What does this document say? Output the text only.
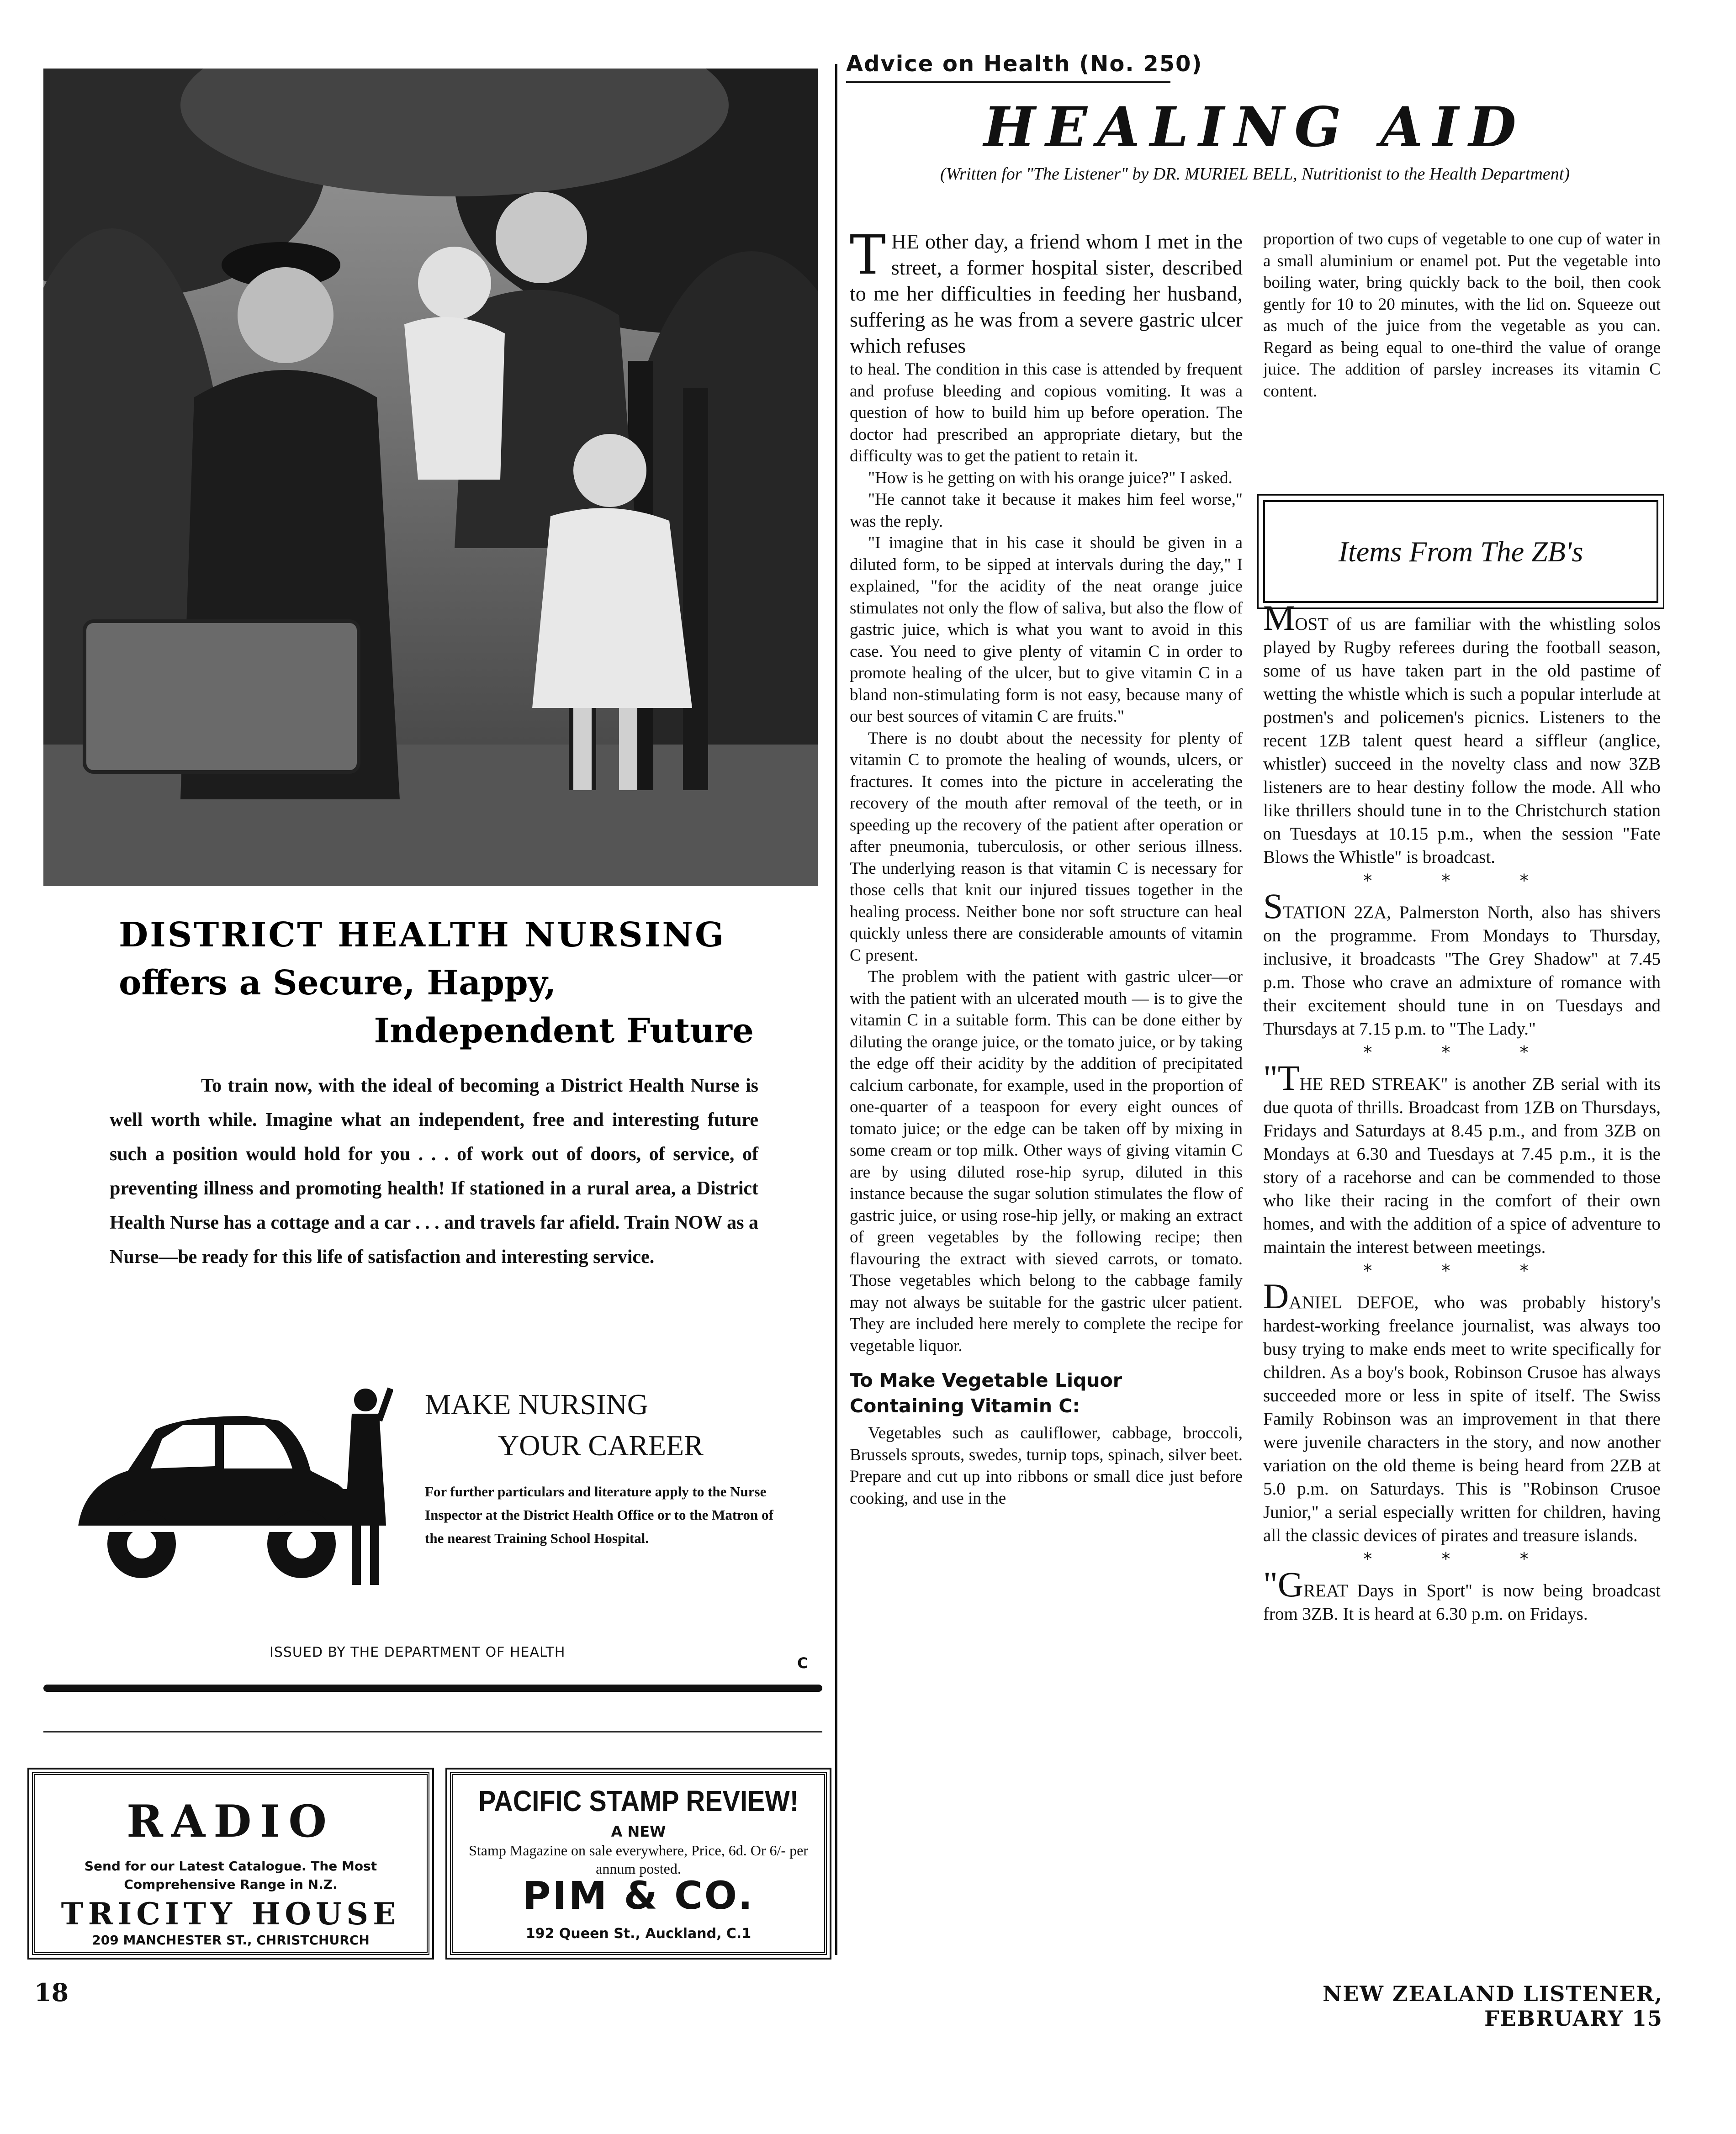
DISTRICT HEALTH NURSING
offers a Secure, Happy,
Independent Future
To train now, with the ideal of becoming a District Health Nurse is well worth while. Imagine what an independent, free and interesting future such a position would hold for you . . . of work out of doors, of service, of preventing illness and promoting health! If stationed in a rural area, a District Health Nurse has a cottage and a car . . . and travels far afield. Train NOW as a Nurse—be ready for this life of satisfaction and interesting service.
MAKE NURSING
YOUR CAREER
For further particulars and literature apply to the Nurse Inspector at the District Health Office or to the Matron of the nearest Training School Hospital.
ISSUED BY THE DEPARTMENT OF HEALTH
C
RADIO
Send for our Latest Catalogue. The Most Comprehensive Range in N.Z.
TRICITY HOUSE
209 MANCHESTER ST., CHRISTCHURCH
PACIFIC STAMP REVIEW!
A NEW
Stamp Magazine on sale everywhere, Price, 6d. Or 6/- per annum posted.
PIM & CO.
192 Queen St., Auckland, C.1
Advice on Health (No. 250)
HEALING AID
(Written for "The Listener" by DR. MURIEL BELL, Nutritionist to the Health Department)

THE other day, a friend whom I met in the street, a former hospital sister, described to me her difficulties in feeding her husband, suffering as he was from a severe gastric ulcer which refuses

to heal. The condition in this case is attended by frequent and profuse bleeding and copious vomiting. It was a question of how to build him up before operation. The doctor had prescribed an appropriate dietary, but the difficulty was to get the patient to retain it.

"How is he getting on with his orange juice?" I asked.

"He cannot take it because it makes him feel worse," was the reply.

"I imagine that in his case it should be given in a diluted form, to be sipped at intervals during the day," I explained, "for the acidity of the neat orange juice stimulates not only the flow of saliva, but also the flow of gastric juice, which is what you want to avoid in this case. You need to give plenty of vitamin C in order to promote healing of the ulcer, but to give vitamin C in a bland non-stimulating form is not easy, because many of our best sources of vitamin C are fruits."

There is no doubt about the necessity for plenty of vitamin C to promote the healing of wounds, ulcers, or fractures. It comes into the picture in accelerating the recovery of the mouth after removal of the teeth, or in speeding up the recovery of the patient after operation or after pneumonia, tuberculosis, or other serious illness. The underlying reason is that vitamin C is necessary for those cells that knit our injured tissues together in the healing process. Neither bone nor soft structure can heal quickly unless there are considerable amounts of vitamin C present.

The problem with the patient with gastric ulcer—or with the patient with an ulcerated mouth — is to give the vitamin C in a suitable form. This can be done either by diluting the orange juice, or the tomato juice, or by taking the edge off their acidity by the addition of precipitated calcium carbonate, for example, used in the proportion of one-quarter of a teaspoon for every eight ounces of tomato juice; or the edge can be taken off by mixing in some cream or top milk. Other ways of giving vitamin C are by using diluted rose-hip syrup, diluted in this instance because the sugar solution stimulates the flow of gastric juice, or using rose-hip jelly, or making an extract of green vegetables by the following recipe; then flavouring the extract with sieved carrots, or tomato. Those vegetables which belong to the cabbage family may not always be suitable for the gastric ulcer patient. They are included here merely to complete the recipe for vegetable liquor.

To Make Vegetable Liquor Containing Vitamin C:

Vegetables such as cauliflower, cabbage, broccoli, Brussels sprouts, swedes, turnip tops, spinach, silver beet. Prepare and cut up into ribbons or small dice just before cooking, and use in the

proportion of two cups of vegetable to one cup of water in a small aluminium or enamel pot. Put the vegetable into boiling water, bring quickly back to the boil, then cook gently for 10 to 20 minutes, with the lid on. Squeeze out as much of the juice from the vegetable as you can. Regard as being equal to one-third the value of orange juice. The addition of parsley increases its vitamin C content.

Items From The ZB's

MOST of us are familiar with the whistling solos played by Rugby referees during the football season, some of us have taken part in the old pastime of wetting the whistle which is such a popular interlude at postmen's and policemen's picnics. Listeners to the recent 1ZB talent quest heard a siffleur (anglice, whistler) succeed in the novelty class and now 3ZB listeners are to hear destiny follow the mode. All who like thrillers should tune in to the Christchurch station on Tuesdays at 10.15 p.m., when the session "Fate Blows the Whistle" is broadcast.

* * *

STATION 2ZA, Palmerston North, also has shivers on the programme. From Mondays to Thursday, inclusive, it broadcasts "The Grey Shadow" at 7.45 p.m. Those who crave an admixture of romance with their excitement should tune in on Tuesdays and Thursdays at 7.15 p.m. to "The Lady."

* * *

"THE RED STREAK" is another ZB serial with its due quota of thrills. Broadcast from 1ZB on Thursdays, Fridays and Saturdays at 8.45 p.m., and from 3ZB on Mondays at 6.30 and Tuesdays at 7.45 p.m., it is the story of a racehorse and can be commended to those who like their racing in the comfort of their own homes, and with the addition of a spice of adventure to maintain the interest between meetings.

* * *

DANIEL DEFOE, who was probably history's hardest-working freelance journalist, was always too busy trying to make ends meet to write specifically for children. As a boy's book, Robinson Crusoe has always succeeded more or less in spite of itself. The Swiss Family Robinson was an improvement in that there were juvenile characters in the story, and now another variation on the old theme is being heard from 2ZB at 5.0 p.m. on Saturdays. This is "Robinson Crusoe Junior," a serial especially written for children, having all the classic devices of pirates and treasure islands.

* * *

"GREAT Days in Sport" is now being broadcast from 3ZB. It is heard at 6.30 p.m. on Fridays.

18	NEW ZEALAND LISTENER, FEBRUARY 15
